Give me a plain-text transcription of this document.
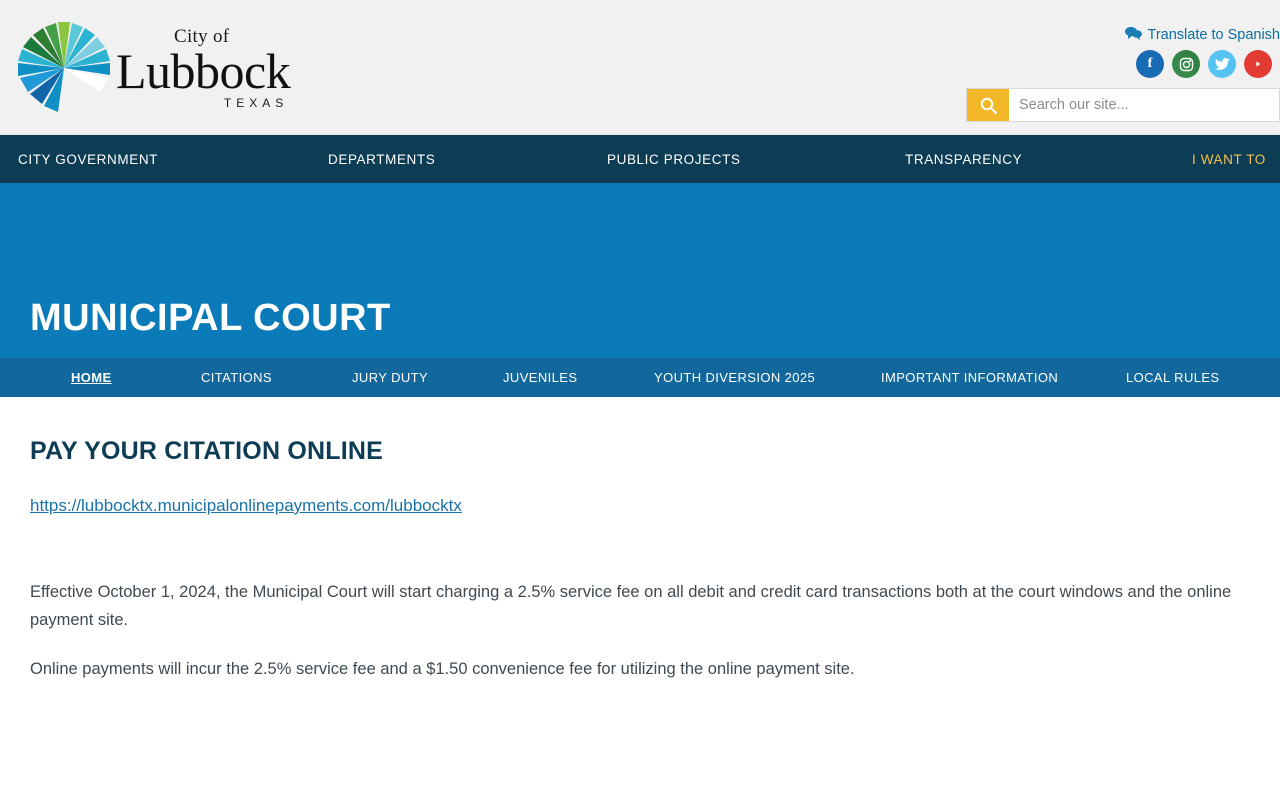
City of
Lubbock
TEXAS
Translate to Spanish
f
Search our site...
CITY GOVERNMENT	DEPARTMENTS	PUBLIC PROJECTS	TRANSPARENCY	I WANT TO
MUNICIPAL COURT
HOME	CITATIONS	JURY DUTY	JUVENILES	YOUTH DIVERSION 2025	IMPORTANT INFORMATION	LOCAL RULES
PAY YOUR CITATION ONLINE
https://lubbocktx.municipalonlinepayments.com/lubbocktx

Effective October 1, 2024, the Municipal Court will start charging a 2.5% service fee on all debit and credit card transactions both at the court windows and the online payment site.

Online payments will incur the 2.5% service fee and a $1.50 convenience fee for utilizing the online payment site.
